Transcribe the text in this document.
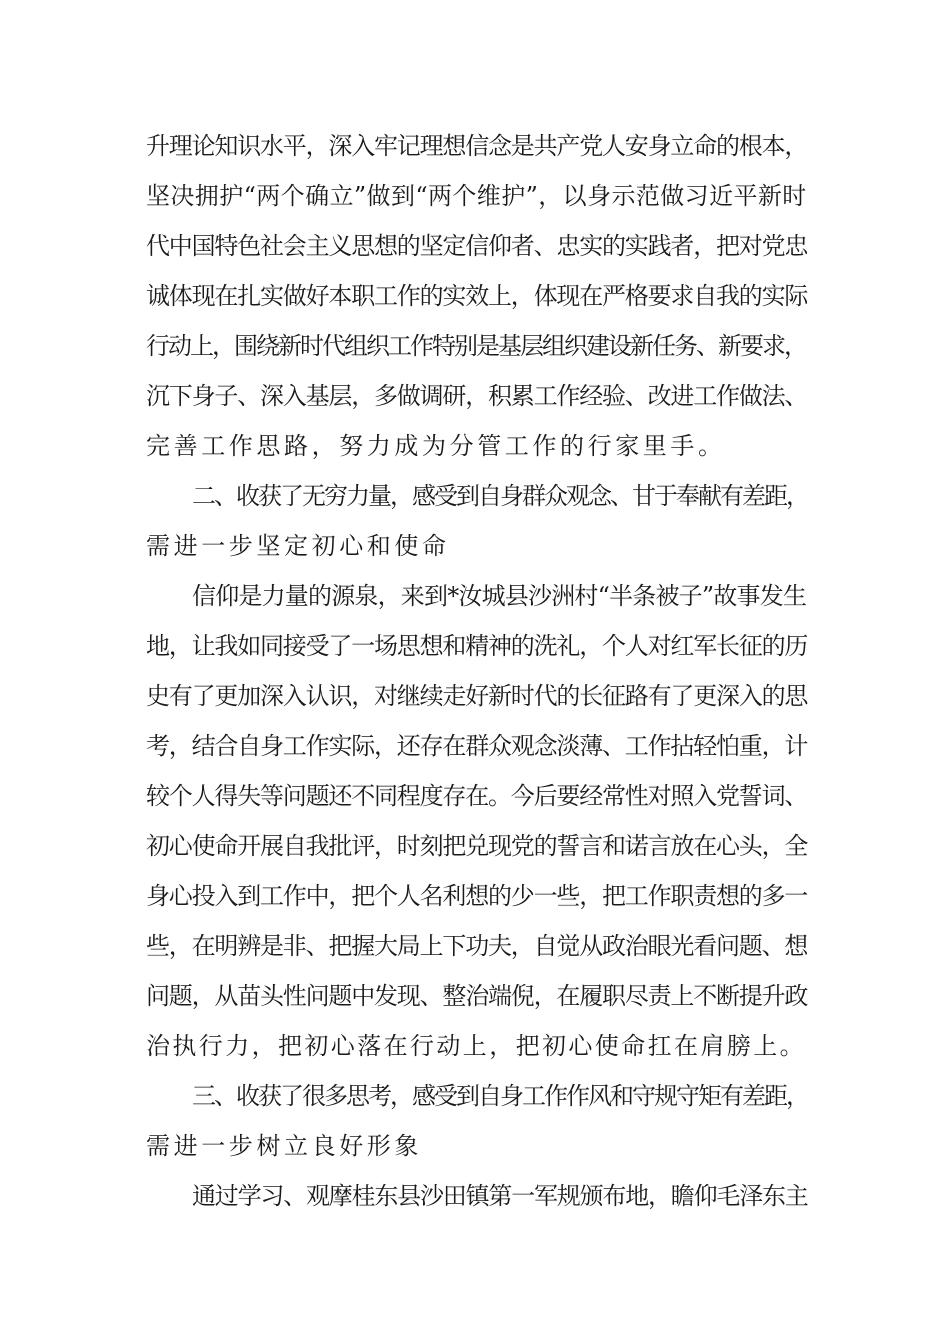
升理论知识水平，深入牢记理想信念是共产党人安身立命的根本，
坚决拥护“两个确立”做到“两个维护”，以身示范做习近平新时
代中国特色社会主义思想的坚定信仰者、忠实的实践者，把对党忠
诚体现在扎实做好本职工作的实效上，体现在严格要求自我的实际
行动上，围绕新时代组织工作特别是基层组织建设新任务、新要求，
沉下身子、深入基层，多做调研，积累工作经验、改进工作做法、
完善工作思路，努力成为分管工作的行家里手。
二、收获了无穷力量，感受到自身群众观念、甘于奉献有差距，
需进一步坚定初心和使命
信仰是力量的源泉，来到*汝城县沙洲村“半条被子”故事发生
地，让我如同接受了一场思想和精神的洗礼，个人对红军长征的历
史有了更加深入认识，对继续走好新时代的长征路有了更深入的思
考，结合自身工作实际，还存在群众观念淡薄、工作拈轻怕重，计
较个人得失等问题还不同程度存在。今后要经常性对照入党誓词、
初心使命开展自我批评，时刻把兑现党的誓言和诺言放在心头，全
身心投入到工作中，把个人名利想的少一些，把工作职责想的多一
些，在明辨是非、把握大局上下功夫，自觉从政治眼光看问题、想
问题，从苗头性问题中发现、整治端倪，在履职尽责上不断提升政
治执行力，把初心落在行动上，把初心使命扛在肩膀上。
三、收获了很多思考，感受到自身工作作风和守规守矩有差距，
需进一步树立良好形象
通过学习、观摩桂东县沙田镇第一军规颁布地，瞻仰毛泽东主
